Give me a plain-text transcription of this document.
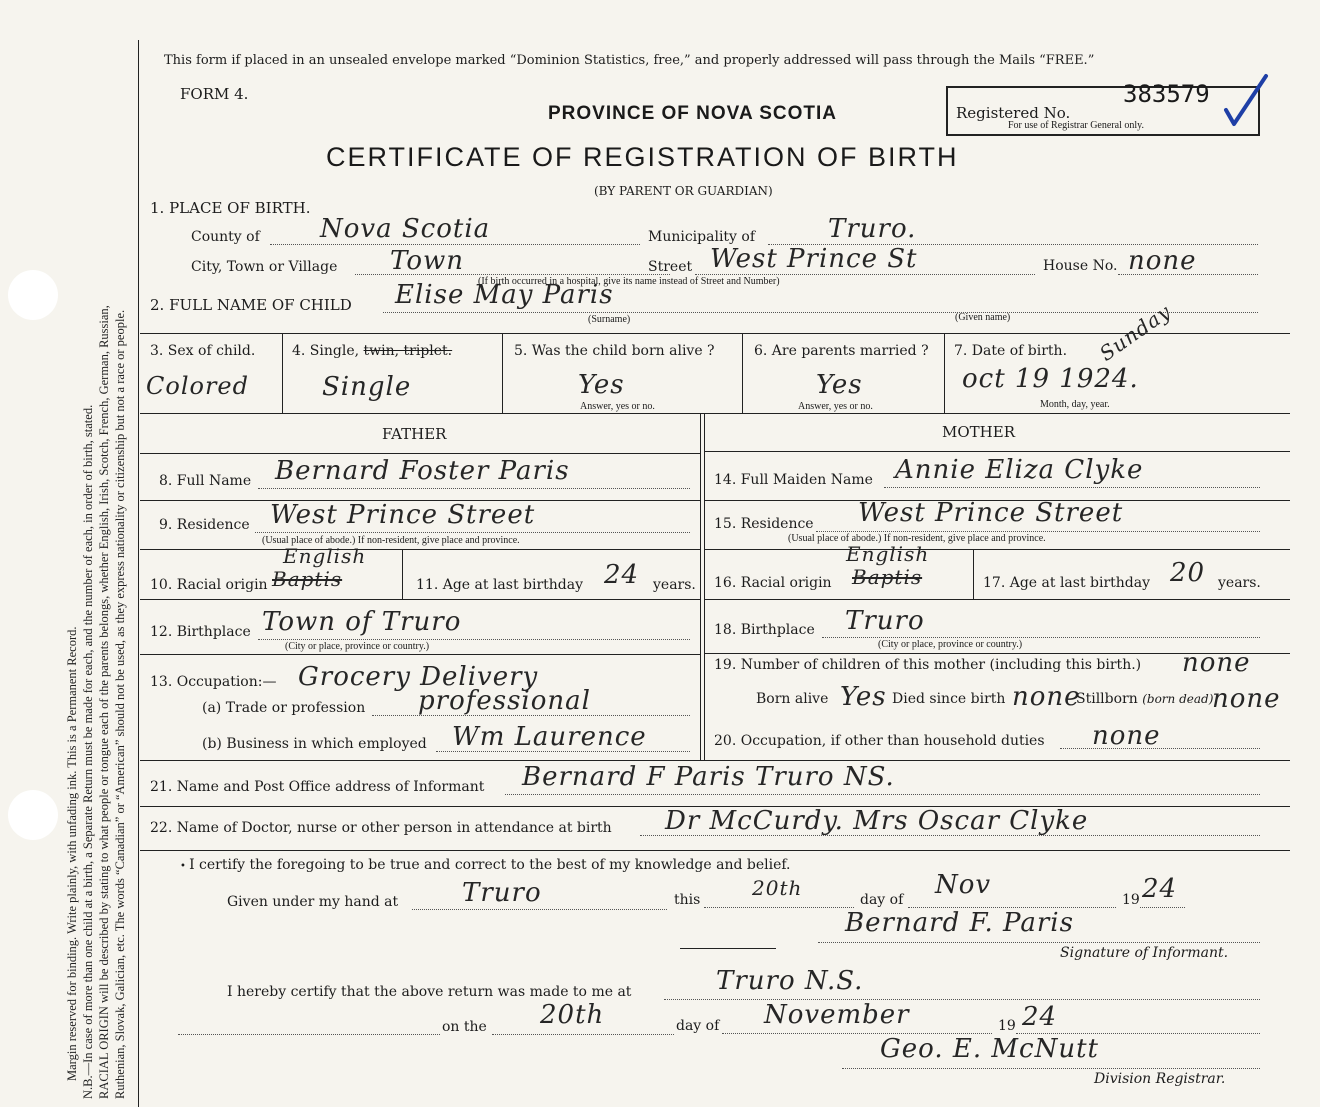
Margin reserved for binding. Write plainly, with unfading ink. This is a Permanent Record. N.B.—In case of more than one child at a birth, a Separate Return must be made for each, and the number of each, in order of birth, stated. RACIAL ORIGIN will be described by stating to what people or tongue each of the parents belongs, whether English, Irish, Scotch, French, German, Russian, Ruthenian, Slovak, Galician, etc. The words “Canadian” or “American” should not be used, as they express nationality or citizenship but not a race or people.
This form if placed in an unsealed envelope marked “Dominion Statistics, free,” and properly addressed will pass through the Mails “FREE.”
FORM 4.
PROVINCE OF NOVA SCOTIA
CERTIFICATE OF REGISTRATION OF BIRTH
(BY PARENT OR GUARDIAN)
Registered No.
For use of Registrar General only.
383579
1. PLACE OF BIRTH.
County of Nova Scotia	Municipality of	Truro.
City, Town or Village Town	Street West Prince St	House No. none
(If birth occurred in a hospital, give its name instead of Street and Number)
2. FULL NAME OF CHILD Elise May Paris
(Surname)	(Given name)
3. Sex of child.
Colored
4. Single, twin, triplet.
Single
5. Was the child born alive ?
Yes
Answer, yes or no.
6. Are parents married ?
Yes
Answer, yes or no.
7. Date of birth. Sunday
oct 19 1924.
Month, day, year.
FATHER	MOTHER
8. Full Name Bernard Foster Paris
9. Residence West Prince Street
(Usual place of abode.) If non-resident, give place and province.
10. Racial origin Baptis
English
11. Age at last birthday 24 years.
12. Birthplace Town of Truro
(City or place, province or country.)
13. Occupation:— Grocery Delivery
(a) Trade or profession professional
(b) Business in which employed Wm Laurence
14. Full Maiden Name Annie Eliza Clyke
15. Residence West Prince Street
(Usual place of abode.) If non-resident, give place and province.
16. Racial origin Baptis
English
17. Age at last birthday 20 years.
18. Birthplace Truro
(City or place, province or country.)
19. Number of children of this mother (including this birth.) none
Born alive Yes Died since birth none
Stillborn (born dead)
none
20. Occupation, if other than household duties none
21. Name and Post Office address of Informant Bernard F Paris Truro NS.
22. Name of Doctor, nurse or other person in attendance at birth Dr McCurdy. Mrs Oscar Clyke
• I certify the foregoing to be true and correct to the best of my knowledge and belief.
Given under my hand at Truro	this	20th	day of Nov	19 24
Bernard F. Paris
Signature of Informant.
I hereby certify that the above return was made to me at	Truro N.S.
on the 20th	day of November	19 24
Geo. E. McNutt
Division Registrar.
